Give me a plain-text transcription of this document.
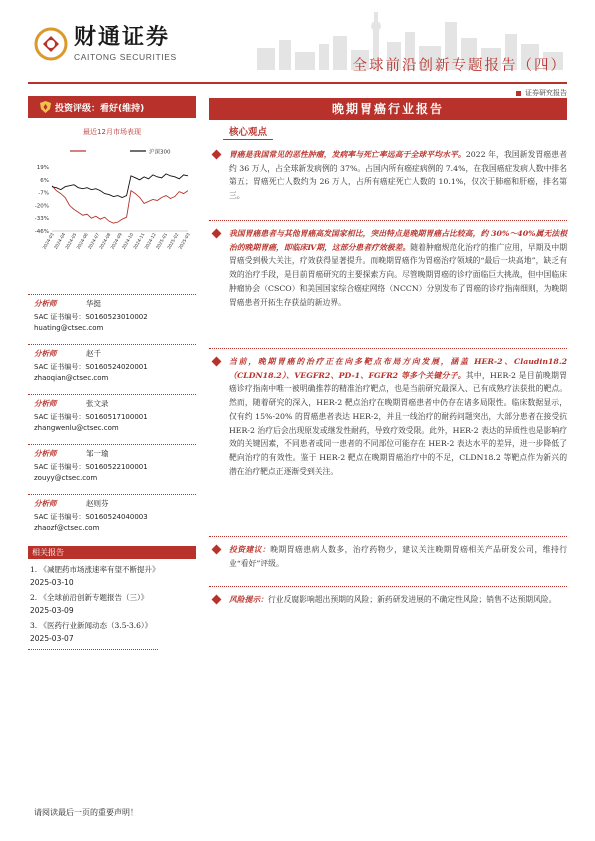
财通证券
CAITONG SECURITIES
全球前沿创新专题报告（四）
证券研究报告
投资评级：看好(维持)
最近12月市场表现
沪深300
19%
6%
-7%
-20%
-33%
-46%
2024-03
2024-04
2024-05
2024-06
2024-07
2024-08
2024-09
2024-10
2024-11
2024-12
2025-01
2025-02
2025-03
分析师	华挺
SAC 证书编号：S0160523010002
huating@ctsec.com
分析师	赵千
SAC 证书编号：S0160524020001
zhaoqian@ctsec.com
分析师	张文录
SAC 证书编号：S0160517100001
zhangwenlu@ctsec.com
分析师	邹一瑜
SAC 证书编号：S0160522100001
zouyy@ctsec.com
分析师	赵则芬
SAC 证书编号：S0160524040003
zhaozf@ctsec.com
相关报告
1. 《减肥药市场涨速率有望不断提升》
2025-03-10
2. 《全球前沿创新专题报告（三）》
2025-03-09
3. 《医药行业新闻动态（3.5-3.6）》
2025-03-07
晚期胃癌行业报告
核心观点
胃癌是我国常见的恶性肿瘤，发病率与死亡率远高于全球平均水平。2022 年，我国新发胃癌患者约 36 万人，占全球新发病例的 37%。占国内所有癌症病例的 7.4%，在我国癌症发病人数中排名第五；胃癌死亡人数约为 26 万人，占所有癌症死亡人数的 10.1%，仅次于肺癌和肝癌，排名第三。
我国胃癌患者与其他胃癌高发国家相比，突出特点是晚期胃癌占比较高，约 30%～40%属无法根治的晚期胃癌，即临床Ⅳ期，这部分患者疗效极差。随着肿瘤规范化治疗的推广应用，早期及中期胃癌受到极大关注，疗效获得显著提升。而晚期胃癌作为胃癌治疗领域的“最后一块高地”，缺乏有效的治疗手段，是目前胃癌研究的主要探索方向。尽管晚期胃癌的诊疗面临巨大挑战，但中国临床肿瘤协会（CSCO）和美国国家综合癌症网络（NCCN）分别发布了胃癌的诊疗指南细则，为晚期胃癌患者开拓生存获益的新边界。
当前，晚期胃癌的治疗正在向多靶点布局方向发展，涵盖 HER-2、Claudin18.2（CLDN18.2）、VEGFR2、PD-1、FGFR2 等多个关键分子。其中，HER-2 是目前晚期胃癌诊疗指南中唯一被明确推荐的精准治疗靶点，也是当前研究最深入、已有成熟疗法获批的靶点。然而，随着研究的深入，HER-2 靶点治疗在晚期胃癌患者中仍存在诸多局限性。临床数据显示，仅有约 15%-20% 的胃癌患者表达 HER-2，并且一线治疗的耐药问题突出，大部分患者在接受抗 HER-2 治疗后会出现原发或继发性耐药，导致疗效受限。此外，HER-2 表达的异质性也是影响疗效的关键因素，不同患者或同一患者的不同部位可能存在 HER-2 表达水平的差异，进一步降低了靶向治疗的有效性。鉴于 HER-2 靶点在晚期胃癌治疗中的不足，CLDN18.2 等靶点作为新兴的潜在治疗靶点正逐渐受到关注。
投资建议：晚期胃癌患病人数多，治疗药物少，建议关注晚期胃癌相关产品研发公司，维持行业“看好”评级。
风险提示：行业反腐影响超出预期的风险；新药研发进展的不确定性风险；销售不达预期风险。
请阅读最后一页的重要声明！
